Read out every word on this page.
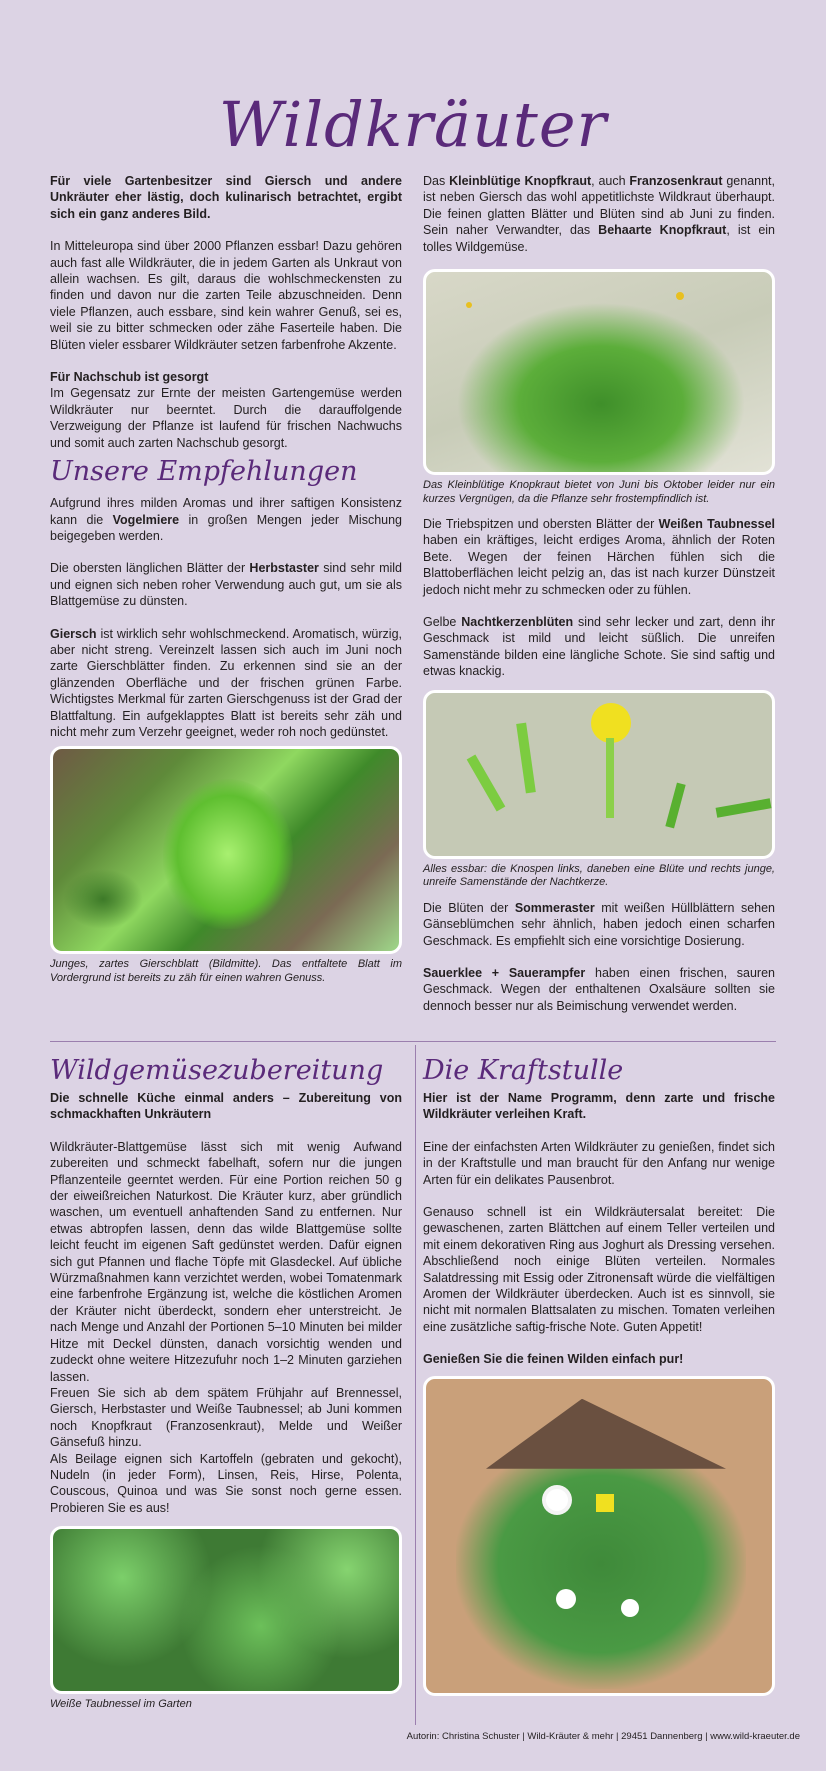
Wildkräuter

Für viele Gartenbesitzer sind Giersch und andere Unkräuter eher lästig, doch kulinarisch betrachtet, ergibt sich ein ganz anderes Bild.

In Mitteleuropa sind über 2000 Pflanzen essbar! Dazu gehören auch fast alle Wildkräuter, die in jedem Garten als Unkraut von allein wachsen. Es gilt, daraus die wohlschmeckensten zu finden und davon nur die zarten Teile abzuschneiden. Denn viele Pflanzen, auch essbare, sind kein wahrer Genuß, sei es, weil sie zu bitter schmecken oder zähe Faserteile haben. Die Blüten vieler essbarer Wildkräuter setzen farbenfrohe Akzente.

Für Nachschub ist gesorgt

Im Gegensatz zur Ernte der meisten Gartengemüse werden Wildkräuter nur beerntet. Durch die darauffolgende Verzweigung der Pflanze ist laufend für frischen Nachwuchs und somit auch zarten Nachschub gesorgt.

Unsere Empfehlungen

Aufgrund ihres milden Aromas und ihrer saftigen Konsistenz kann die Vogelmiere in großen Mengen jeder Mischung beigegeben werden.

Die obersten länglichen Blätter der Herbstaster sind sehr mild und eignen sich neben roher Verwendung auch gut, um sie als Blattgemüse zu dünsten.

Giersch ist wirklich sehr wohlschmeckend. Aromatisch, würzig, aber nicht streng. Vereinzelt lassen sich auch im Juni noch zarte Gierschblätter finden. Zu erkennen sind sie an der glänzenden Oberfläche und der frischen grünen Farbe. Wichtigstes Merkmal für zarten Gierschgenuss ist der Grad der Blattfaltung. Ein aufgeklapptes Blatt ist bereits sehr zäh und nicht mehr zum Verzehr geeignet, weder roh noch gedünstet.

Junges, zartes Gierschblatt (Bildmitte). Das entfaltete Blatt im Vordergrund ist bereits zu zäh für einen wahren Genuss.

Das Kleinblütige Knopfkraut, auch Franzosenkraut genannt, ist neben Giersch das wohl appetitlichste Wildkraut überhaupt. Die feinen glatten Blätter und Blüten sind ab Juni zu finden. Sein naher Verwandter, das Behaarte Knopfkraut, ist ein tolles Wildgemüse.

Das Kleinblütige Knopkraut bietet von Juni bis Oktober leider nur ein kurzes Vergnügen, da die Pflanze sehr frostempfindlich ist.

Die Triebspitzen und obersten Blätter der Weißen Taubnessel haben ein kräftiges, leicht erdiges Aroma, ähnlich der Roten Bete. Wegen der feinen Härchen fühlen sich die Blattoberflächen leicht pelzig an, das ist nach kurzer Dünstzeit jedoch nicht mehr zu schmecken oder zu fühlen.

Gelbe Nachtkerzenblüten sind sehr lecker und zart, denn ihr Geschmack ist mild und leicht süßlich. Die unreifen Samenstände bilden eine längliche Schote. Sie sind saftig und etwas knackig.

Alles essbar: die Knospen links, daneben eine Blüte und rechts junge, unreife Samenstände der Nachtkerze.

Die Blüten der Sommeraster mit weißen Hüllblättern sehen Gänseblümchen sehr ähnlich, haben jedoch einen scharfen Geschmack. Es empfiehlt sich eine vorsichtige Dosierung.

Sauerklee + Sauerampfer haben einen frischen, sauren Geschmack. Wegen der enthaltenen Oxalsäure sollten sie dennoch besser nur als Beimischung verwendet werden.

Wildgemüsezubereitung

Die schnelle Küche einmal anders – Zubereitung von schmackhaften Unkräutern

Wildkräuter-Blattgemüse lässt sich mit wenig Aufwand zubereiten und schmeckt fabelhaft, sofern nur die jungen Pflanzenteile geerntet werden. Für eine Portion reichen 50 g der eiweißreichen Naturkost. Die Kräuter kurz, aber gründlich waschen, um eventuell anhaftenden Sand zu entfernen. Nur etwas abtropfen lassen, denn das wilde Blattgemüse sollte leicht feucht im eigenen Saft gedünstet werden. Dafür eignen sich gut Pfannen und flache Töpfe mit Glasdeckel. Auf übliche Würzmaßnahmen kann verzichtet werden, wobei Tomatenmark eine farbenfrohe Ergänzung ist, welche die köstlichen Aromen der Kräuter nicht überdeckt, sondern eher unterstreicht. Je nach Menge und Anzahl der Portionen 5–10 Minuten bei milder Hitze mit Deckel dünsten, danach vorsichtig wenden und zudeckt ohne weitere Hitzezufuhr noch 1–2 Minuten garziehen lassen.

Freuen Sie sich ab dem spätem Frühjahr auf Brennessel, Giersch, Herbstaster und Weiße Taubnessel; ab Juni kommen noch Knopfkraut (Franzosenkraut), Melde und Weißer Gänsefuß hinzu.

Als Beilage eignen sich Kartoffeln (gebraten und gekocht), Nudeln (in jeder Form), Linsen, Reis, Hirse, Polenta, Couscous, Quinoa und was Sie sonst noch gerne essen. Probieren Sie es aus!

Weiße Taubnessel im Garten
Die Kraftstulle

Hier ist der Name Programm, denn zarte und frische Wildkräuter verleihen Kraft.

Eine der einfachsten Arten Wildkräuter zu genießen, findet sich in der Kraftstulle und man braucht für den Anfang nur wenige Arten für ein delikates Pausenbrot.

Genauso schnell ist ein Wildkräutersalat bereitet: Die gewaschenen, zarten Blättchen auf einem Teller verteilen und mit einem dekorativen Ring aus Joghurt als Dressing versehen. Abschließend noch einige Blüten verteilen. Normales Salatdressing mit Essig oder Zitronensaft würde die vielfältigen Aromen der Wildkräuter überdecken. Auch ist es sinnvoll, sie nicht mit normalen Blattsalaten zu mischen. Tomaten verleihen eine zusätzliche saftig-frische Note. Guten Appetit!

Genießen Sie die feinen Wilden einfach pur!

Autorin: Christina Schuster | Wild-Kräuter & mehr | 29451 Dannenberg | www.wild-kraeuter.de
